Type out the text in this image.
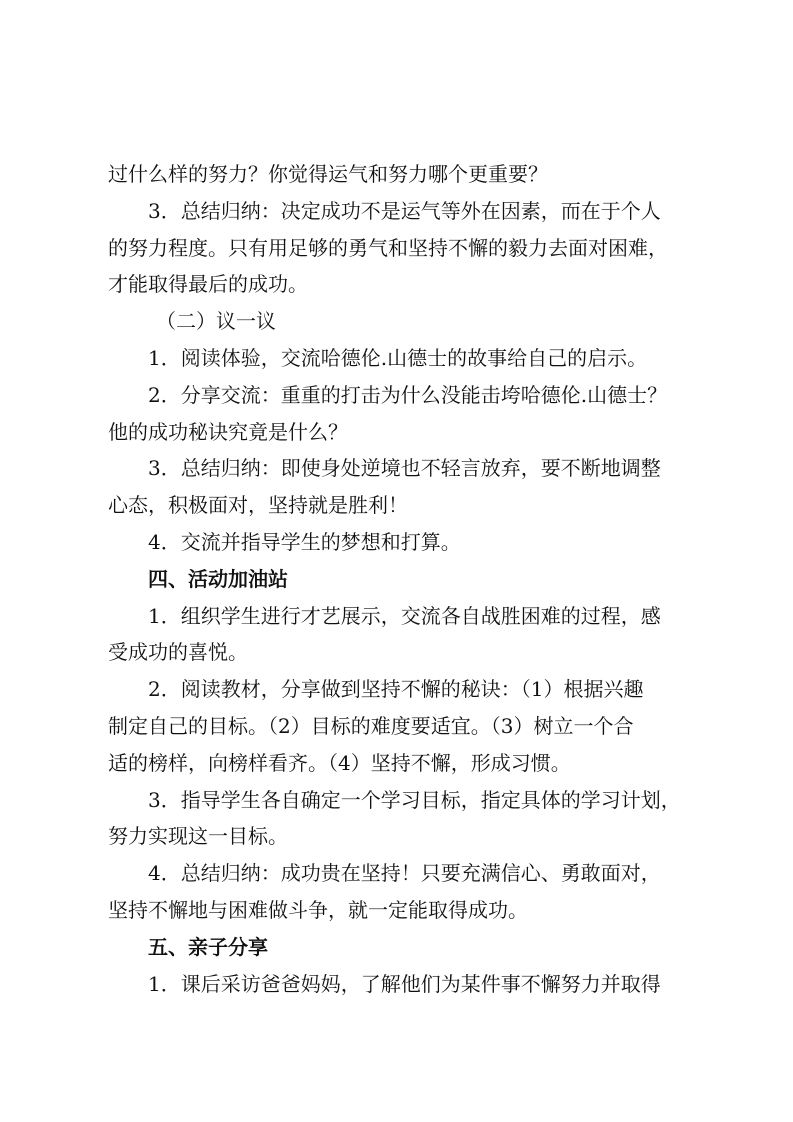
过什么样的努力？你觉得运气和努力哪个更重要？
3．总结归纳：决定成功不是运气等外在因素，而在于个人
的努力程度。只有用足够的勇气和坚持不懈的毅力去面对困难，
才能取得最后的成功。
（二）议一议
1．阅读体验，交流哈德伦.山德士的故事给自己的启示。
2．分享交流：重重的打击为什么没能击垮哈德伦.山德士？
他的成功秘诀究竟是什么？
3．总结归纳：即使身处逆境也不轻言放弃，要不断地调整
心态，积极面对，坚持就是胜利！
4．交流并指导学生的梦想和打算。
四、活动加油站
1．组织学生进行才艺展示，交流各自战胜困难的过程，感
受成功的喜悦。
2．阅读教材，分享做到坚持不懈的秘诀：（1）根据兴趣
制定自己的目标。（2）目标的难度要适宜。（3）树立一个合
适的榜样，向榜样看齐。（4）坚持不懈，形成习惯。
3．指导学生各自确定一个学习目标，指定具体的学习计划，
努力实现这一目标。
4．总结归纳：成功贵在坚持！只要充满信心、勇敢面对，
坚持不懈地与困难做斗争，就一定能取得成功。
五、亲子分享
1．课后采访爸爸妈妈，了解他们为某件事不懈努力并取得
